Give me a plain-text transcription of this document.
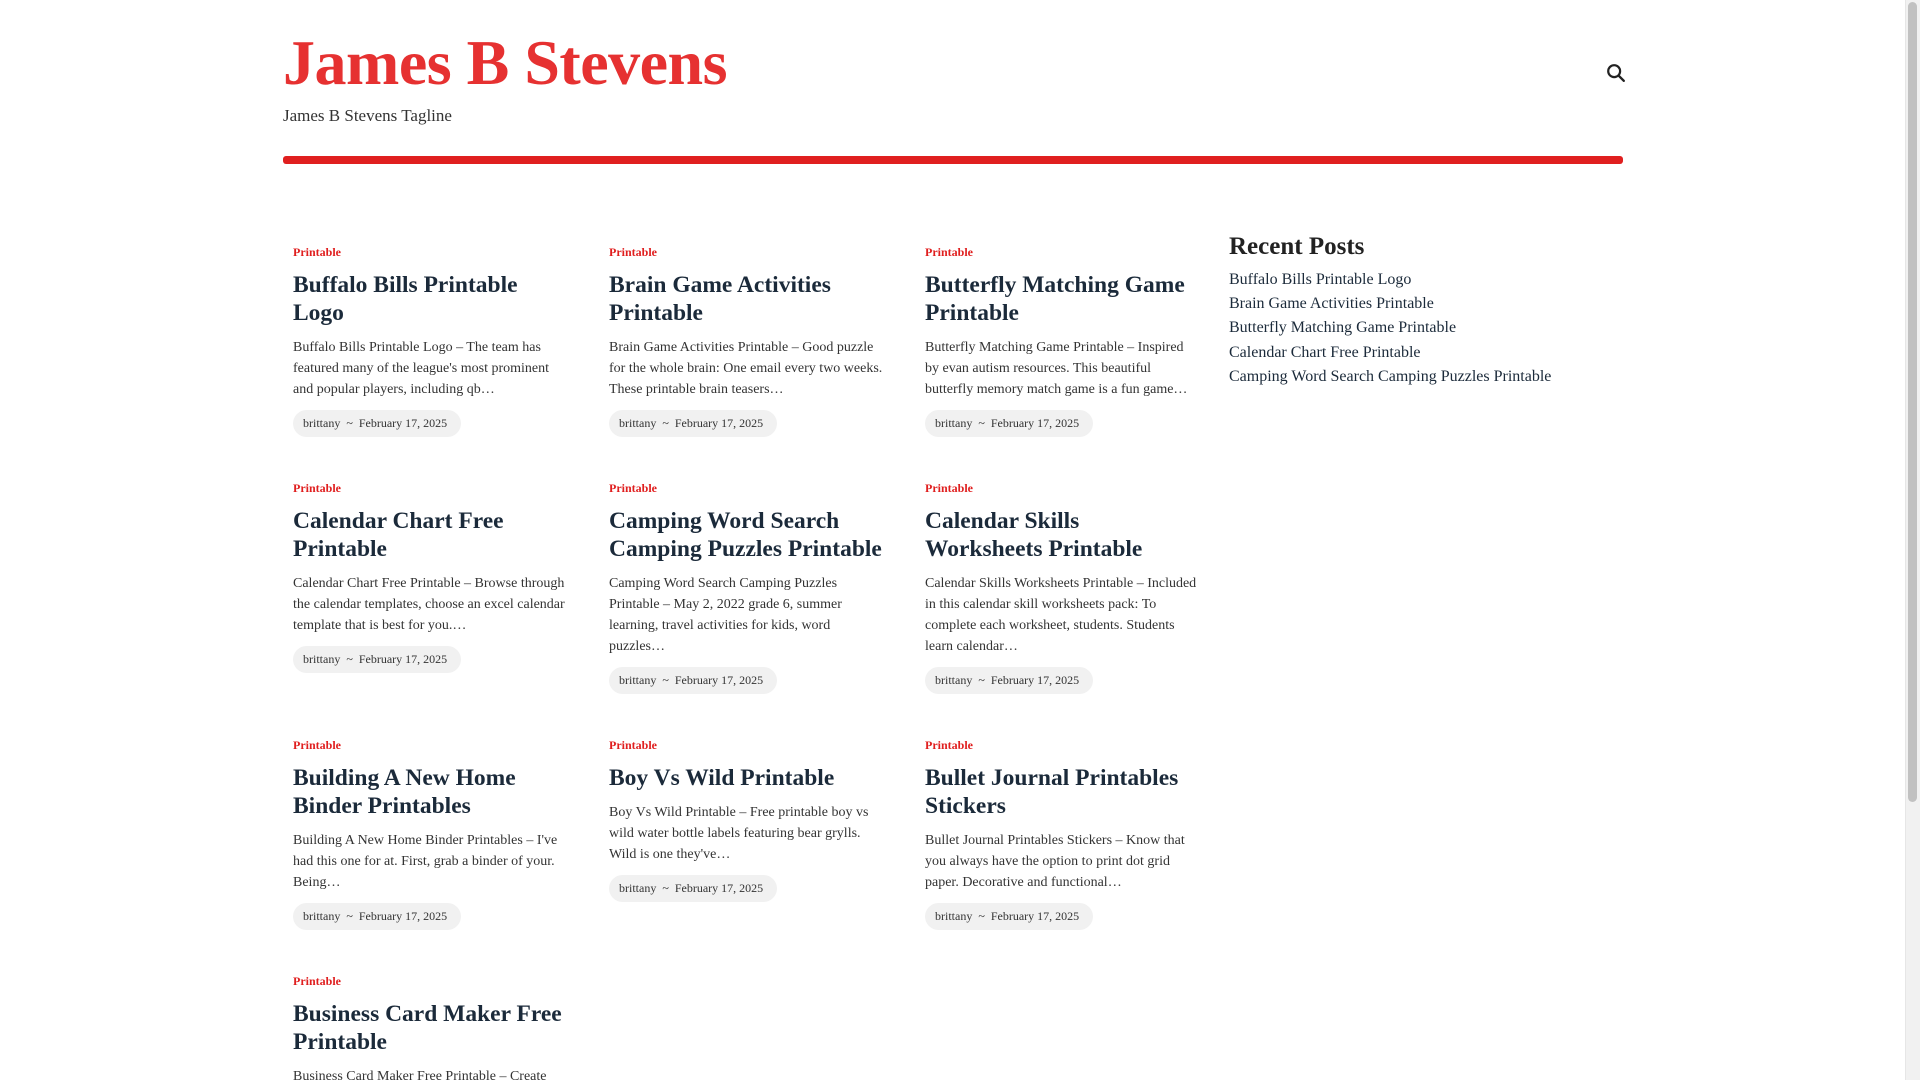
James B Stevens
James B Stevens Tagline
Printable
Buffalo Bills Printable Logo

Buffalo Bills Printable Logo – The team has featured many of the league's most prominent and popular players, including qb…

brittany ~ February 17, 2025
Printable
Brain Game Activities Printable

Brain Game Activities Printable – Good puzzle for the whole brain: One email every two weeks. These printable brain teasers…

brittany ~ February 17, 2025
Printable
Butterfly Matching Game Printable

Butterfly Matching Game Printable – Inspired by evan autism resources. This beautiful butterfly memory match game is a fun game…

brittany ~ February 17, 2025
Printable
Calendar Chart Free Printable

Calendar Chart Free Printable – Browse through the calendar templates, choose an excel calendar template that is best for you.…

brittany ~ February 17, 2025
Printable
Camping Word Search Camping Puzzles Printable

Camping Word Search Camping Puzzles Printable – May 2, 2022 grade 6, summer learning, travel activities for kids, word puzzles…

brittany ~ February 17, 2025
Printable
Calendar Skills Worksheets Printable

Calendar Skills Worksheets Printable – Included in this calendar skill worksheets pack: To complete each worksheet, students. Students learn calendar…

brittany ~ February 17, 2025
Printable
Building A New Home Binder Printables

Building A New Home Binder Printables – I've had this one for at. First, grab a binder of your. Being…

brittany ~ February 17, 2025
Printable
Boy Vs Wild Printable

Boy Vs Wild Printable – Free printable boy vs wild water bottle labels featuring bear grylls. Wild is one they've…

brittany ~ February 17, 2025
Printable
Bullet Journal Printables Stickers

Bullet Journal Printables Stickers – Know that you always have the option to print dot grid paper. Decorative and functional…

brittany ~ February 17, 2025
Printable
Business Card Maker Free Printable

Business Card Maker Free Printable – Create

Recent Posts
Buffalo Bills Printable Logo
Brain Game Activities Printable
Butterfly Matching Game Printable
Calendar Chart Free Printable
Camping Word Search Camping Puzzles Printable
